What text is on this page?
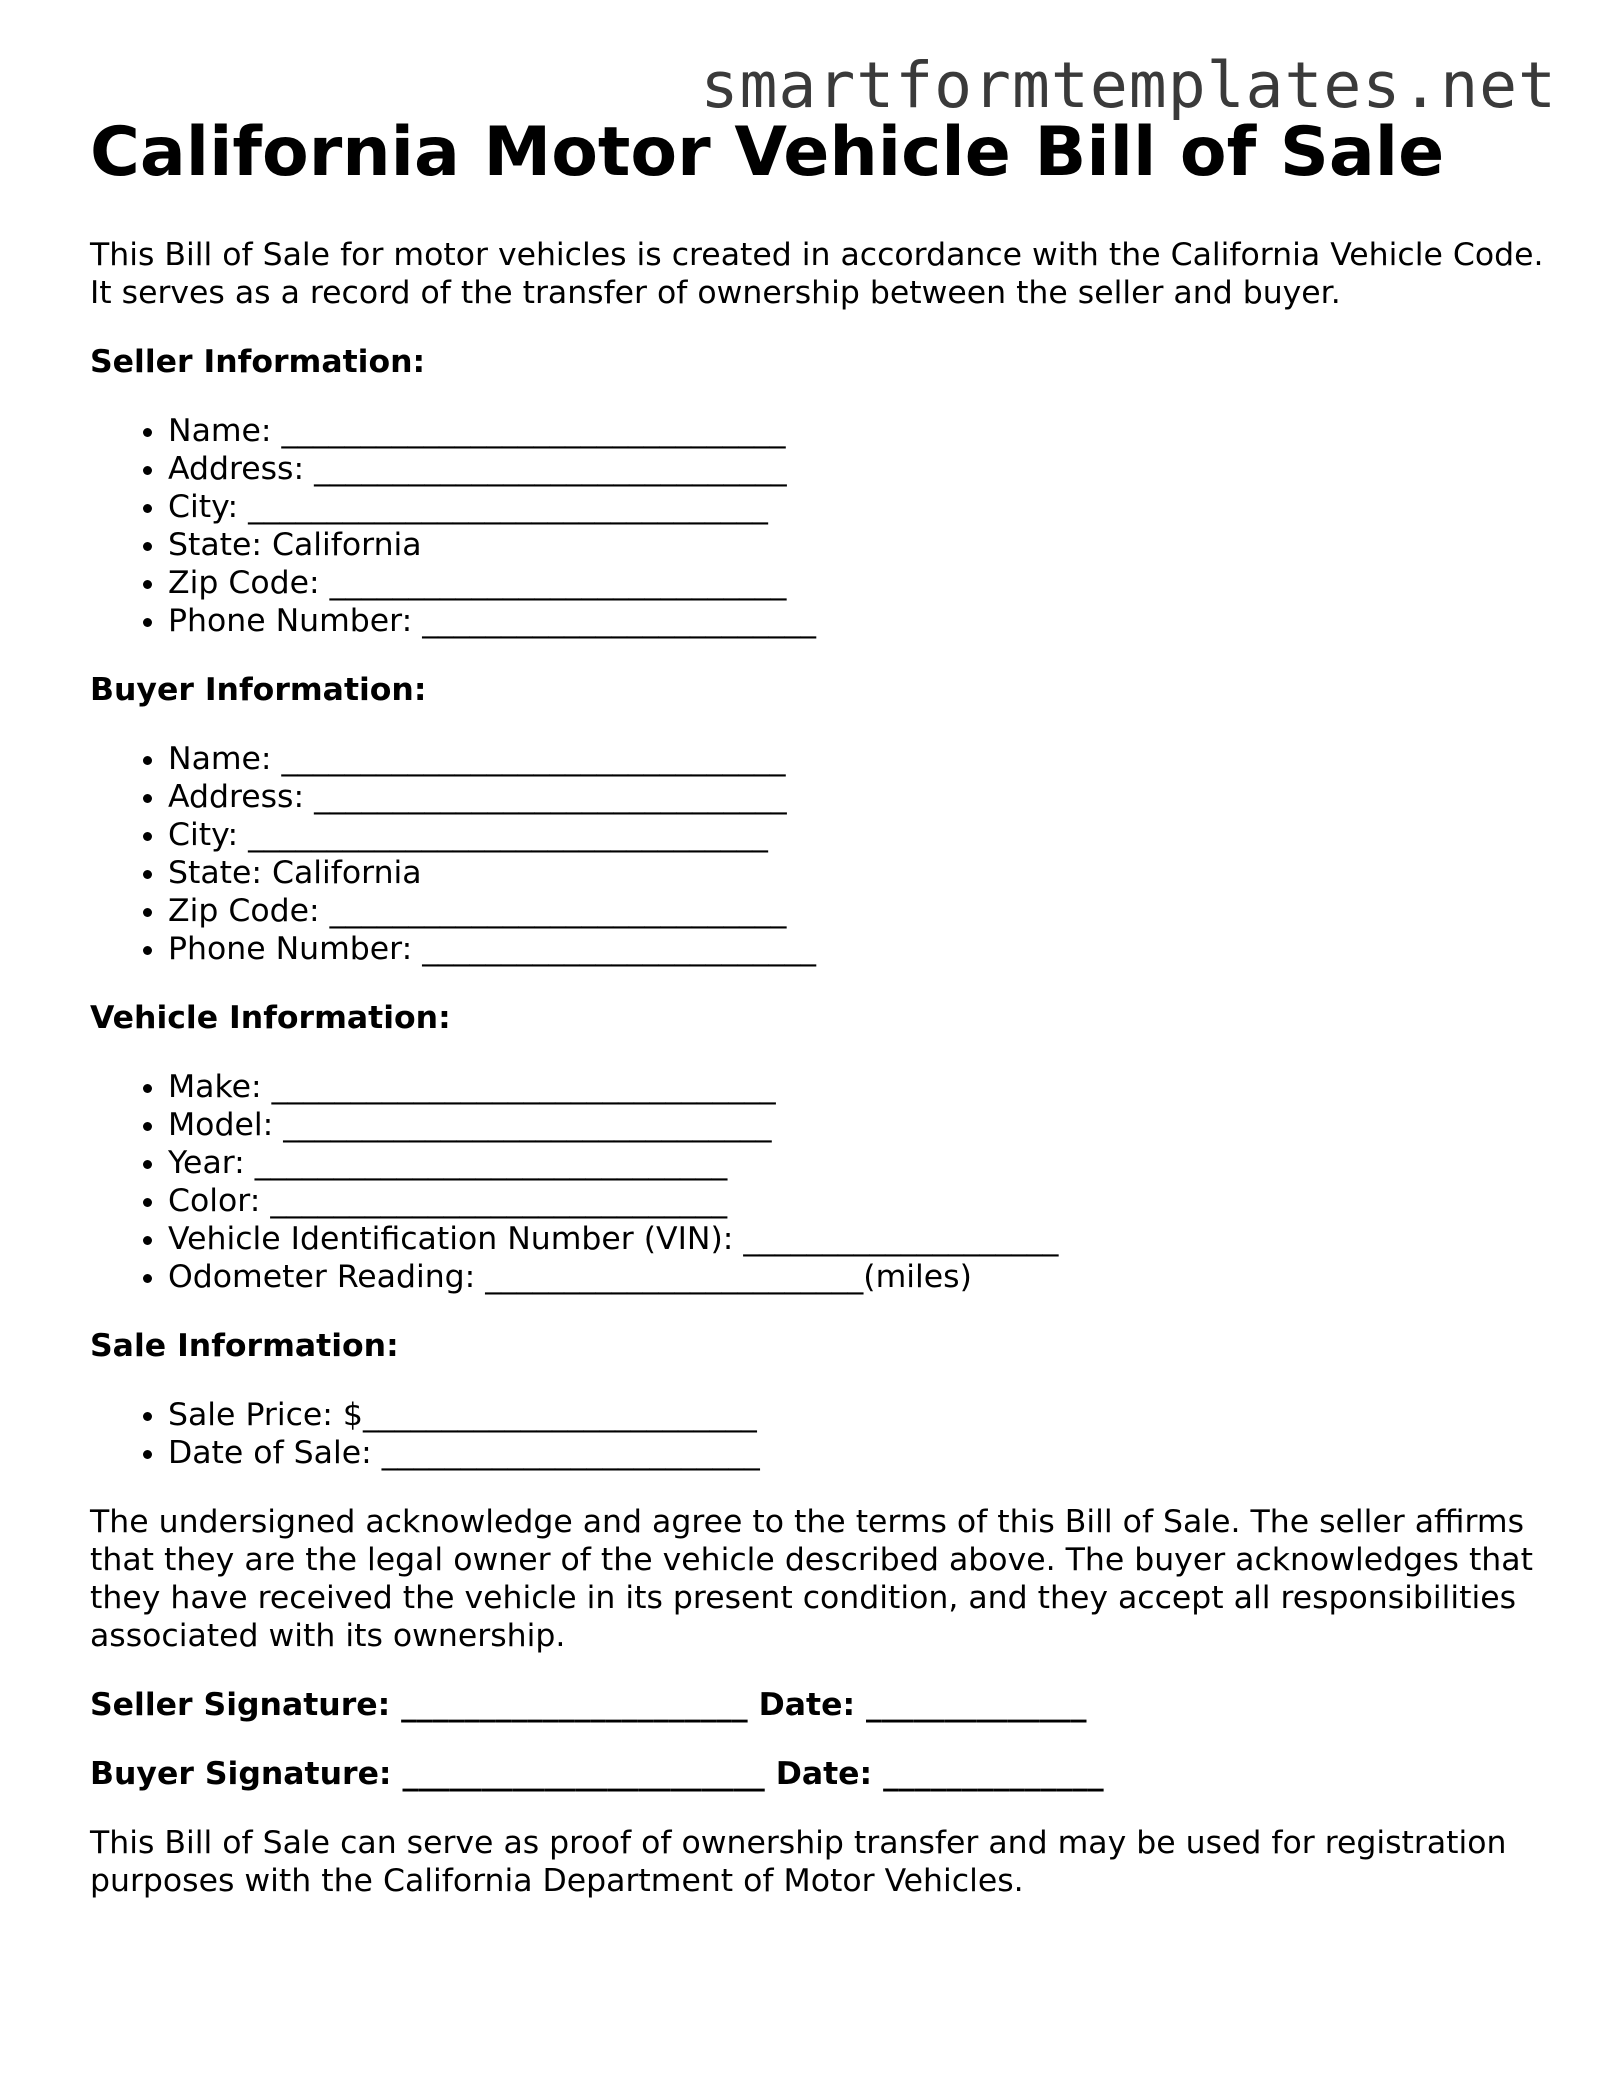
smartformtemplates.net
California Motor Vehicle Bill of Sale

This Bill of Sale for motor vehicles is created in accordance with the California Vehicle Code. It serves as a record of the transfer of ownership between the seller and buyer.

Seller Information:
• Name: ________________________________
• Address: ______________________________
• City: _________________________________
• State: California
• Zip Code: _____________________________
• Phone Number: _________________________
Buyer Information:
• Name: ________________________________
• Address: ______________________________
• City: _________________________________
• State: California
• Zip Code: _____________________________
• Phone Number: _________________________
Vehicle Information:
• Make: ________________________________
• Model: _______________________________
• Year: ______________________________
• Color: _____________________________
• Vehicle Identification Number (VIN): ____________________
• Odometer Reading: ________________________(miles)
Sale Information:
• Sale Price: $_________________________
• Date of Sale: ________________________

The undersigned acknowledge and agree to the terms of this Bill of Sale. The seller affirms that they are the legal owner of the vehicle described above. The buyer acknowledges that they have received the vehicle in its present condition, and they accept all responsibilities associated with its ownership.

Seller Signature: ______________________ Date: ______________
Buyer Signature: _______________________ Date: ______________

This Bill of Sale can serve as proof of ownership transfer and may be used for registration purposes with the California Department of Motor Vehicles.
